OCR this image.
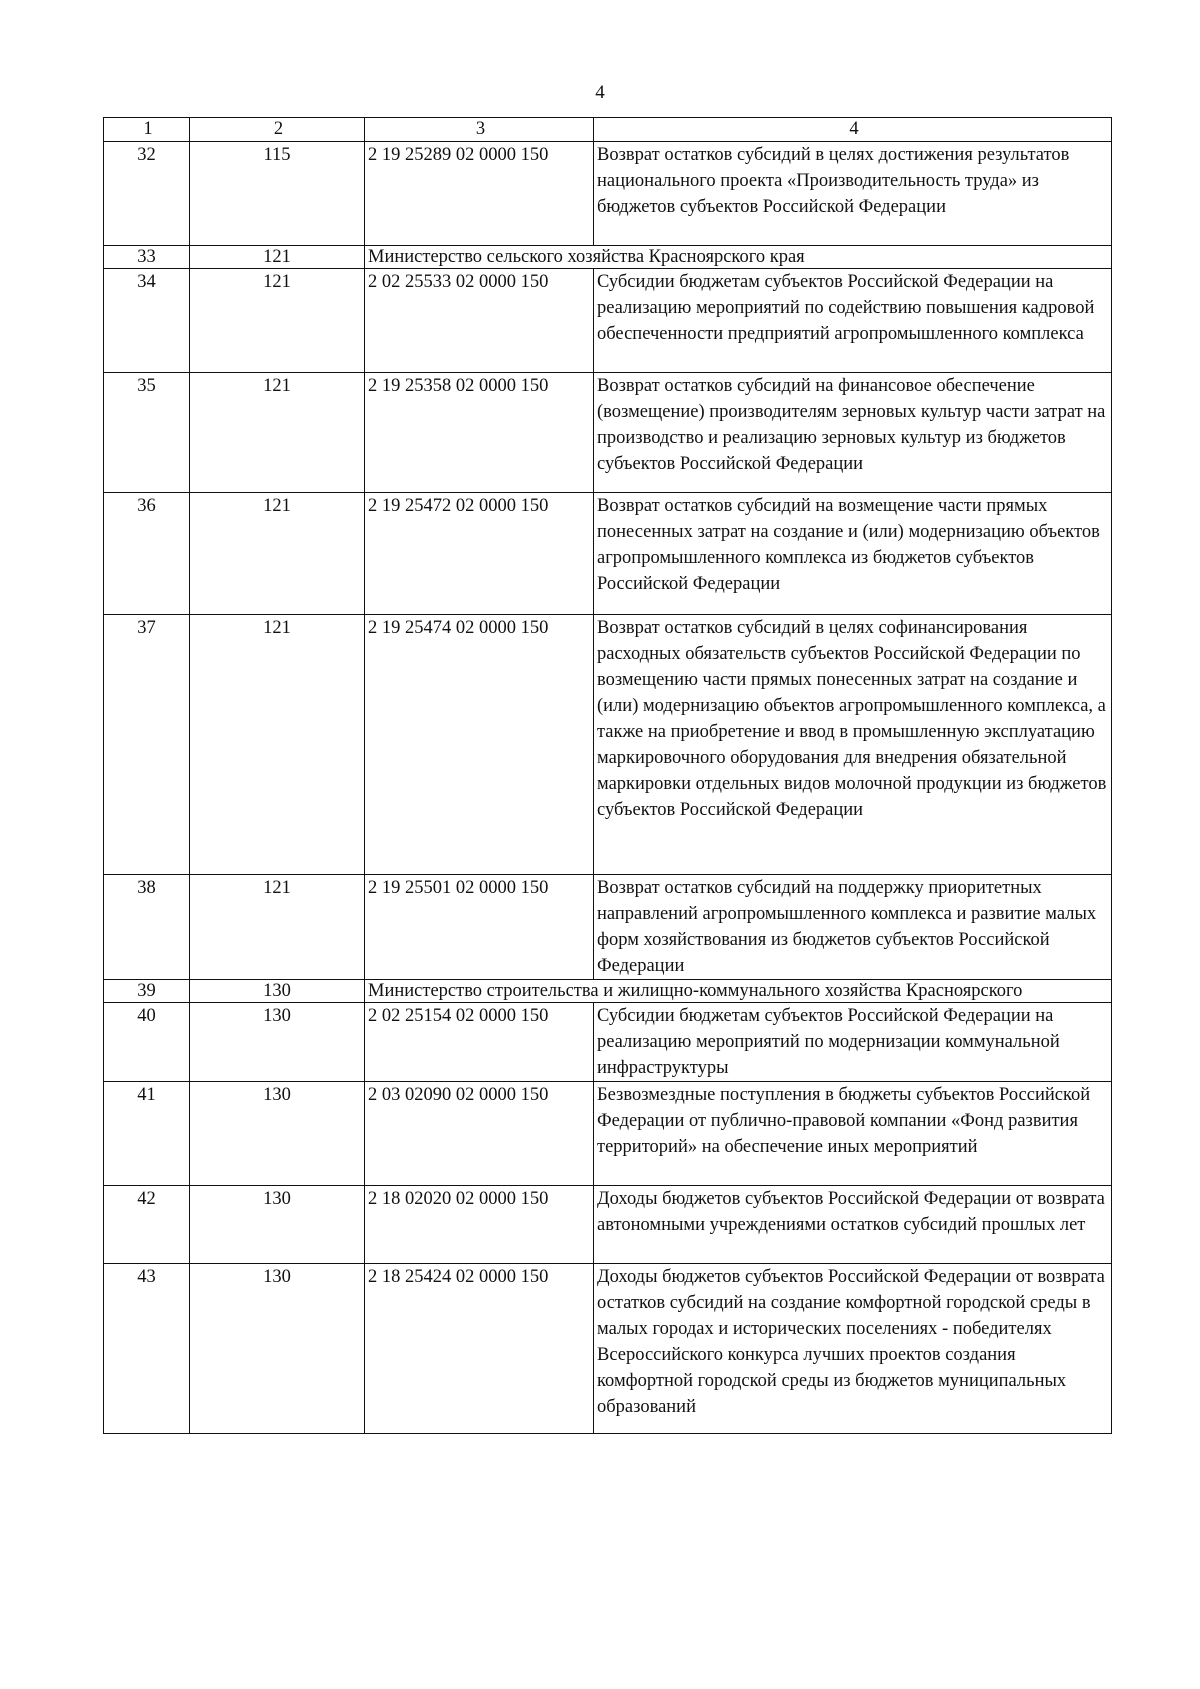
4
1	2	3	4
32	115	2 19 25289 02 0000 150	Возврат остатков субсидий в целях достижения результатов национального проекта «Производительность труда» из бюджетов субъектов Российской Федерации
33	121	Министерство сельского хозяйства Красноярского края	
34	121	2 02 25533 02 0000 150	Субсидии бюджетам субъектов Российской Федерации на реализацию мероприятий по содействию повышения кадровой обеспеченности предприятий агропромышленного комплекса
35	121	2 19 25358 02 0000 150	Возврат остатков субсидий на финансовое обеспечение (возмещение) производителям зерновых культур части затрат на производство и реализацию зерновых культур из бюджетов субъектов Российской Федерации
36	121	2 19 25472 02 0000 150	Возврат остатков субсидий на возмещение части прямых понесенных затрат на создание и (или) модернизацию объектов агропромышленного комплекса из бюджетов субъектов Российской Федерации
37	121	2 19 25474 02 0000 150	Возврат остатков субсидий в целях софинансирования расходных обязательств субъектов Российской Федерации по возмещению части прямых понесенных затрат на создание и (или) модернизацию объектов агропромышленного комплекса, а также на приобретение и ввод в промышленную эксплуатацию маркировочного оборудования для внедрения обязательной маркировки отдельных видов молочной продукции из бюджетов субъектов Российской Федерации
38	121	2 19 25501 02 0000 150	Возврат остатков субсидий на поддержку приоритетных направлений агропромышленного комплекса и развитие малых форм хозяйствования из бюджетов субъектов Российской Федерации
39	130	Министерство строительства и жилищно-коммунального хозяйства Красноярского	
40	130	2 02 25154 02 0000 150	Субсидии бюджетам субъектов Российской Федерации на реализацию мероприятий по модернизации коммунальной инфраструктуры
41	130	2 03 02090 02 0000 150	Безвозмездные поступления в бюджеты субъектов Российской Федерации от публично-правовой компании «Фонд развития территорий» на обеспечение иных мероприятий
42	130	2 18 02020 02 0000 150	Доходы бюджетов субъектов Российской Федерации от возврата автономными учреждениями остатков субсидий прошлых лет
43	130	2 18 25424 02 0000 150	Доходы бюджетов субъектов Российской Федерации от возврата остатков субсидий на создание комфортной городской среды в малых городах и исторических поселениях - победителях Всероссийского конкурса лучших проектов создания комфортной городской среды из бюджетов муниципальных образований
